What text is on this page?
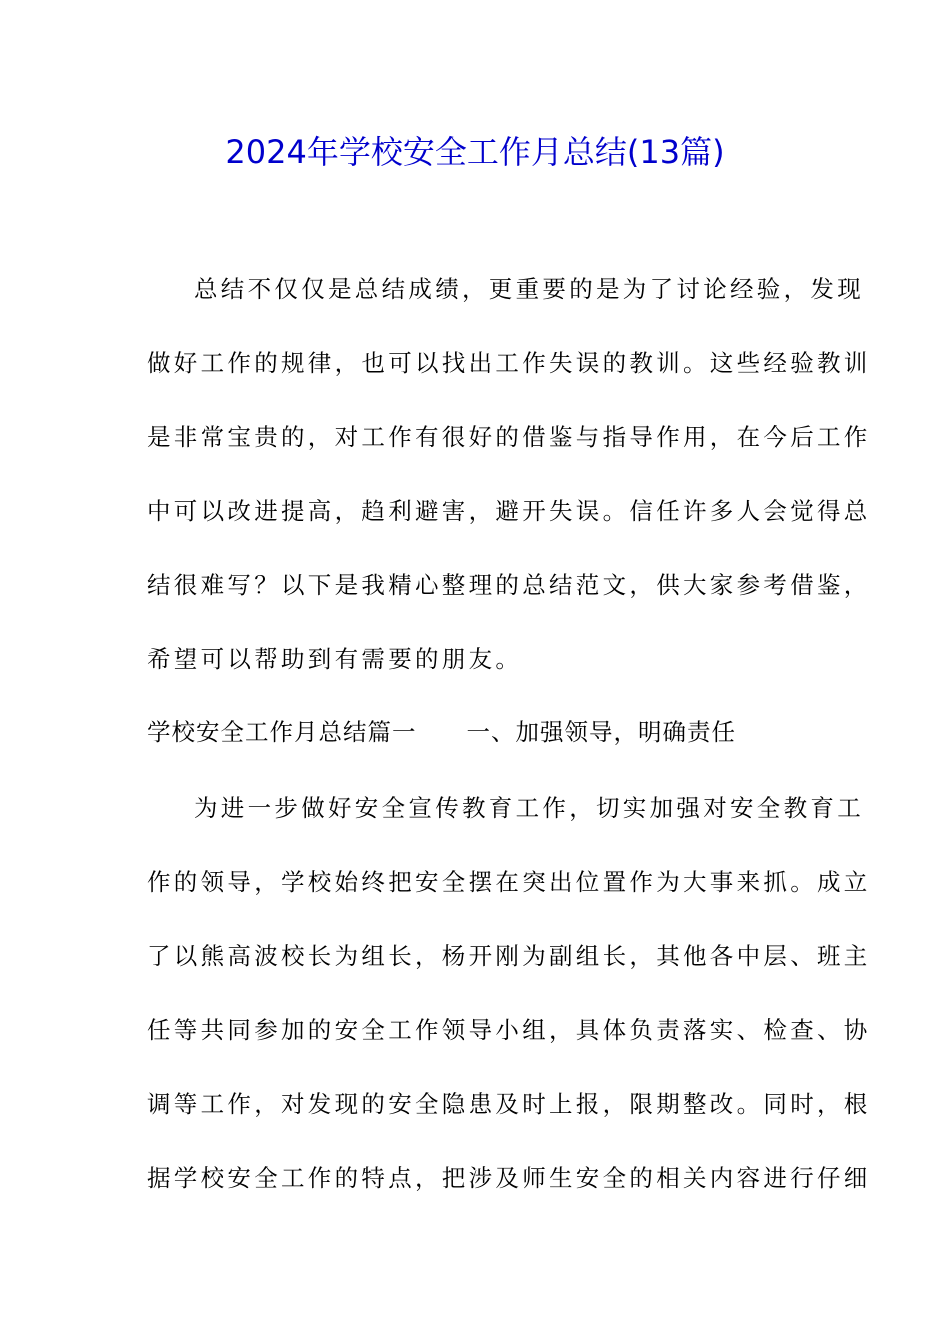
2024年学校安全工作月总结(13篇)
总结不仅仅是总结成绩，更重要的是为了讨论经验，发现
做好工作的规律，也可以找出工作失误的教训。这些经验教训
是非常宝贵的，对工作有很好的借鉴与指导作用，在今后工作
中可以改进提高，趋利避害，避开失误。信任许多人会觉得总
结很难写？以下是我精心整理的总结范文，供大家参考借鉴，
希望可以帮助到有需要的朋友。
学校安全工作月总结篇一 一、加强领导，明确责任
为进一步做好安全宣传教育工作，切实加强对安全教育工
作的领导，学校始终把安全摆在突出位置作为大事来抓。成立
了以熊高波校长为组长，杨开刚为副组长，其他各中层、班主
任等共同参加的安全工作领导小组，具体负责落实、检查、协
调等工作，对发现的安全隐患及时上报，限期整改。同时，根
据学校安全工作的特点，把涉及师生安全的相关内容进行仔细
